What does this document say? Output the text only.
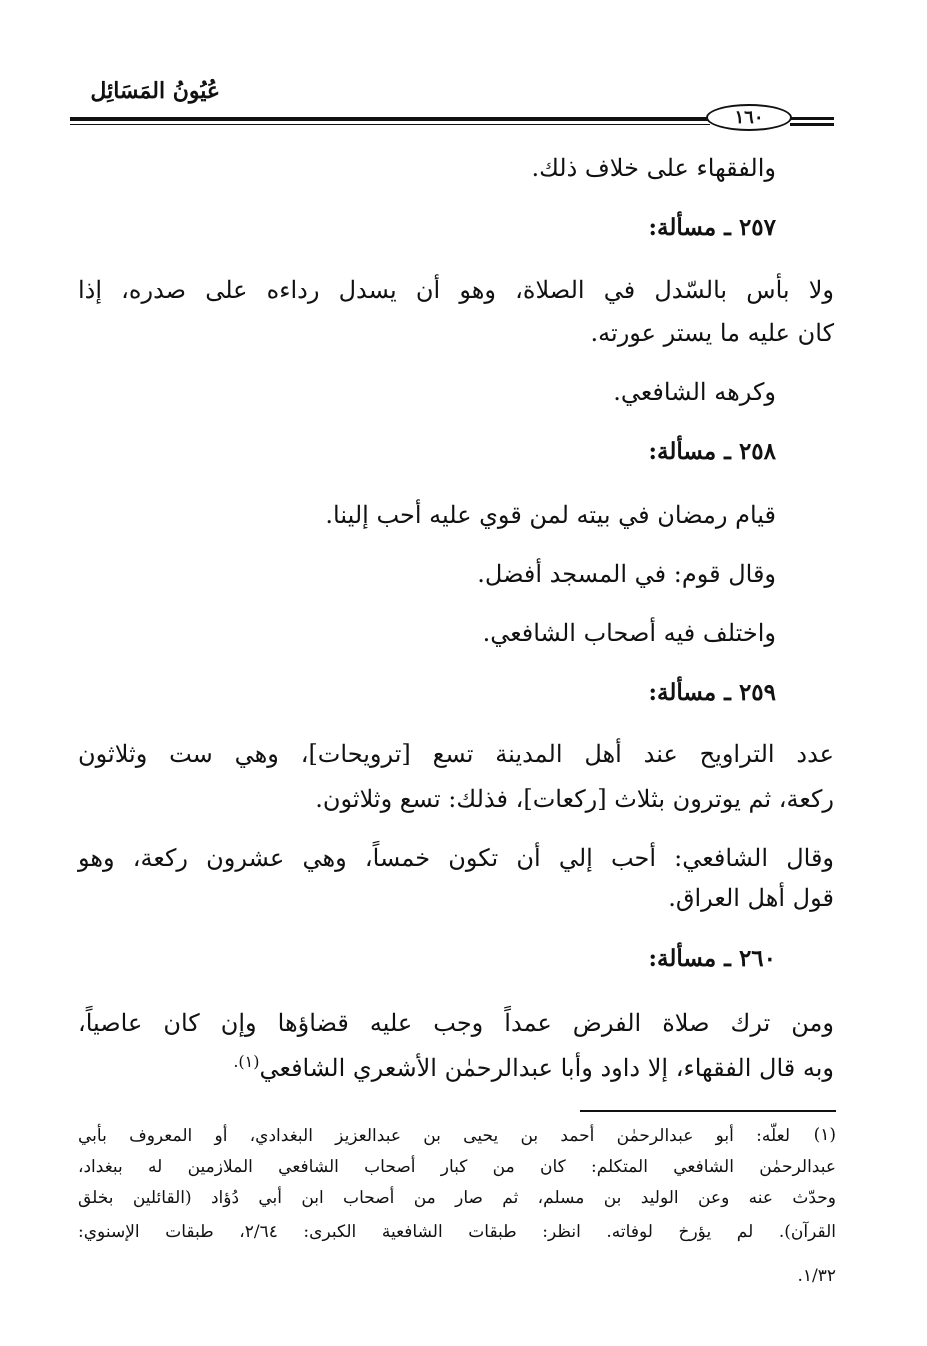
عُيُونُ المَسَائِل
١٦٠
والفقهاء على خلاف ذلك.
٢٥٧ ـ مسألة:
ولا بأس بالسّدل في الصلاة، وهو أن يسدل رداءه على صدره، إذا
كان عليه ما يستر عورته.
وكرهه الشافعي.
٢٥٨ ـ مسألة:
قيام رمضان في بيته لمن قوي عليه أحب إلينا.
وقال قوم: في المسجد أفضل.
واختلف فيه أصحاب الشافعي.
٢٥٩ ـ مسألة:
عدد التراويح عند أهل المدينة تسع [ترويحات]، وهي ست وثلاثون
ركعة، ثم يوترون بثلاث [ركعات]، فذلك: تسع وثلاثون.
وقال الشافعي: أحب إلي أن تكون خمساً، وهي عشرون ركعة، وهو
قول أهل العراق.
٢٦٠ ـ مسألة:
ومن ترك صلاة الفرض عمداً وجب عليه قضاؤها وإن كان عاصياً،
وبه قال الفقهاء، إلا داود وأبا عبدالرحمٰن الأشعري الشافعي$^{(١).}$
(١)
لعلّه: أبو عبدالرحمٰن أحمد بن يحيى بن عبدالعزيز البغدادي، أو المعروف بأبي
عبدالرحمٰن الشافعي المتكلم: كان من كبار أصحاب الشافعي الملازمين له ببغداد،
وحدّث عنه وعن الوليد بن مسلم، ثم صار من أصحاب ابن أبي دُؤاد (القائلين بخلق
القرآن). لم يؤرخ لوفاته. انظر: طبقات الشافعية الكبرى: ٢/٦٤، طبقات الإسنوي:
١/٣٢.
